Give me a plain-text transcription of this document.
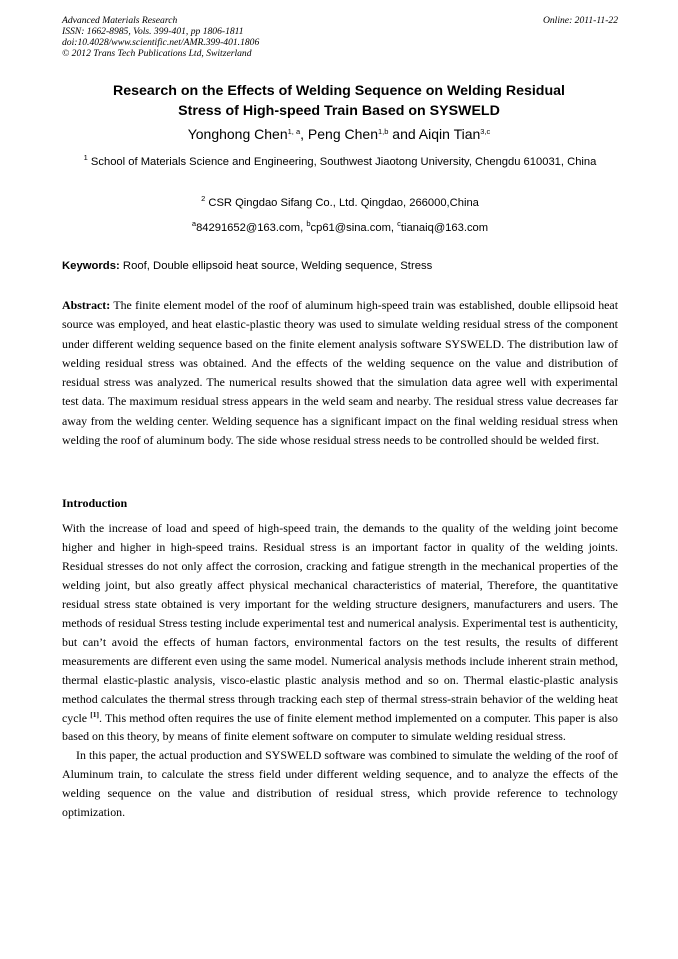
Advanced Materials Research
ISSN: 1662-8985, Vols. 399-401, pp 1806-1811
doi:10.4028/www.scientific.net/AMR.399-401.1806
© 2012 Trans Tech Publications Ltd, Switzerland
Online: 2011-11-22
Research on the Effects of Welding Sequence on Welding Residual
Stress of High-speed Train Based on SYSWELD
Yonghong Chen$^{1, a}$, Peng Chen$^{1,b}$ and Aiqin Tian$^{3,c}$
$^1$ School of Materials Science and Engineering, Southwest Jiaotong University, Chengdu 610031, China
$^2$ CSR Qingdao Sifang Co., Ltd. Qingdao, 266000,China
$^a$84291652@163.com, $^b$cp61@sina.com, $^c$tianaiq@163.com
Keywords: Roof, Double ellipsoid heat source, Welding sequence, Stress
Abstract: The finite element model of the roof of aluminum high-speed train was established, double ellipsoid heat source was employed, and heat elastic-plastic theory was used to simulate welding residual stress of the component under different welding sequence based on the finite element analysis software SYSWELD. The distribution law of welding residual stress was obtained. And the effects of the welding sequence on the value and distribution of residual stress was analyzed. The numerical results showed that the simulation data agree well with experimental test data. The maximum residual stress appears in the weld seam and nearby. The residual stress value decreases far away from the welding center. Welding sequence has a significant impact on the final welding residual stress when welding the roof of aluminum body. The side whose residual stress needs to be controlled should be welded first.
Introduction

With the increase of load and speed of high-speed train, the demands to the quality of the welding joint become higher and higher in high-speed trains. Residual stress is an important factor in quality of the welding joints. Residual stresses do not only affect the corrosion, cracking and fatigue strength in the mechanical properties of the welding joint, but also greatly affect physical mechanical characteristics of material, Therefore, the quantitative residual stress state obtained is very important for the welding structure designers, manufacturers and users. The methods of residual Stress testing include experimental test and numerical analysis. Experimental test is authenticity, but can’t avoid the effects of human factors, environmental factors on the test results, the results of different measurements are different even using the same model. Numerical analysis methods include inherent strain method, thermal elastic-plastic analysis, visco-elastic plastic analysis method and so on. Thermal elastic-plastic analysis method calculates the thermal stress through tracking each step of thermal stress-strain behavior of the welding heat cycle [1]. This method often requires the use of finite element method implemented on a computer. This paper is also based on this theory, by means of finite element software on computer to simulate welding residual stress.

In this paper, the actual production and SYSWELD software was combined to simulate the welding of the roof of Aluminum train, to calculate the stress field under different welding sequence, and to analyze the effects of the welding sequence on the value and distribution of residual stress, which provide reference to technology optimization.
